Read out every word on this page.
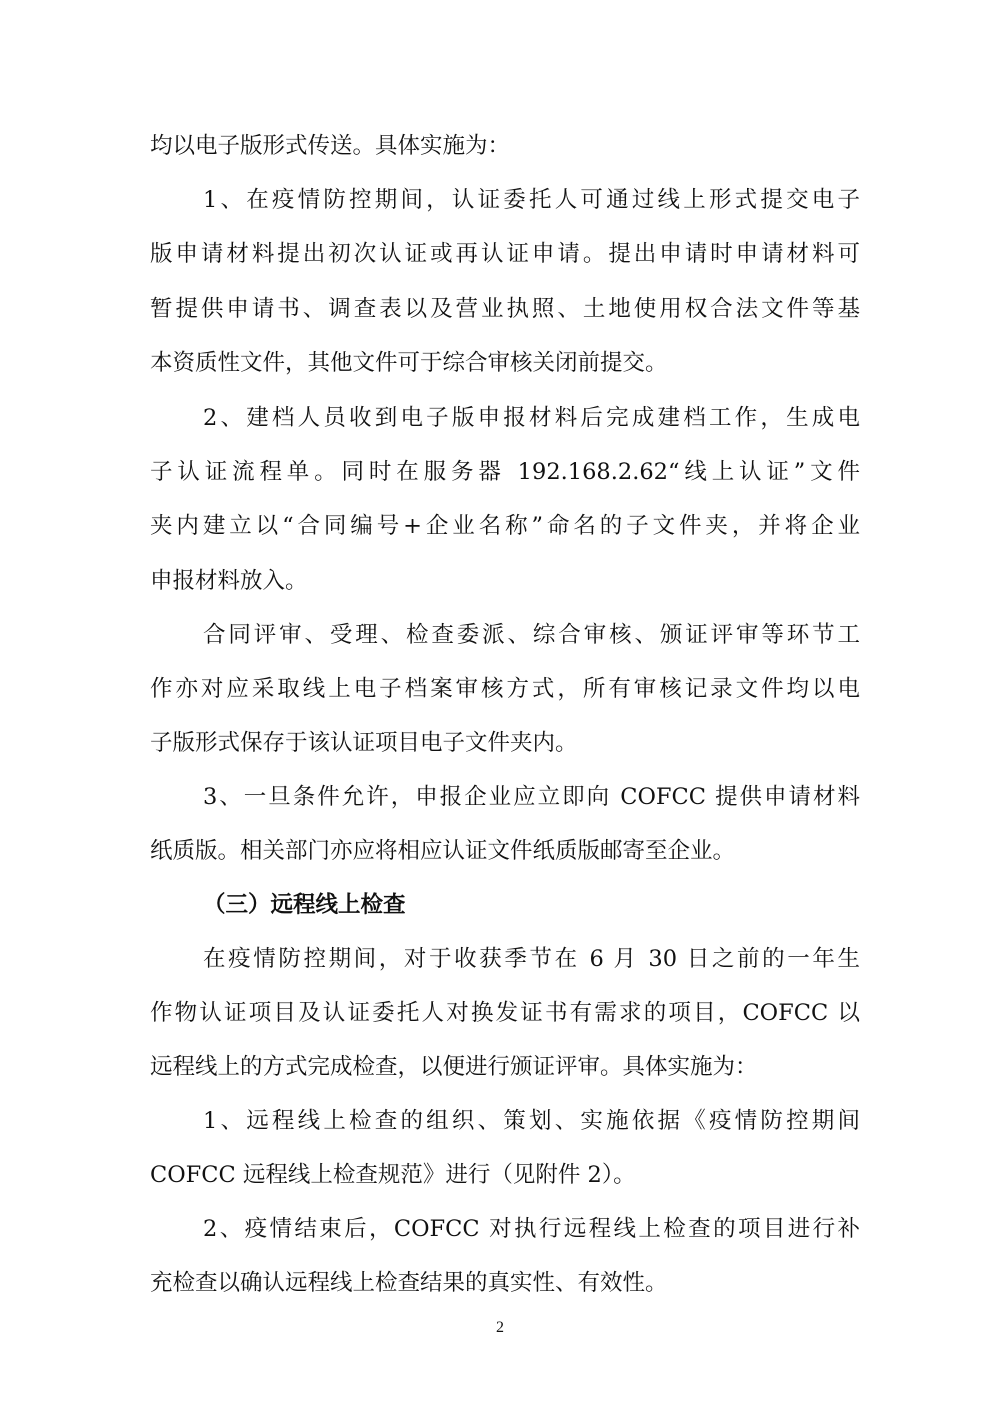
均以电子版形式传送。具体实施为：
1、在疫情防控期间，认证委托人可通过线上形式提交电子
版申请材料提出初次认证或再认证申请。提出申请时申请材料可
暂提供申请书、调查表以及营业执照、土地使用权合法文件等基
本资质性文件，其他文件可于综合审核关闭前提交。
2、建档人员收到电子版申报材料后完成建档工作，生成电
子认证流程单。同时在服务器 192.168.2.62“线上认证”文件
夹内建立以“合同编号+企业名称”命名的子文件夹，并将企业
申报材料放入。
合同评审、受理、检查委派、综合审核、颁证评审等环节工
作亦对应采取线上电子档案审核方式，所有审核记录文件均以电
子版形式保存于该认证项目电子文件夹内。
3、一旦条件允许，申报企业应立即向 COFCC 提供申请材料
纸质版。相关部门亦应将相应认证文件纸质版邮寄至企业。
（三）远程线上检查
在疫情防控期间，对于收获季节在 6 月 30 日之前的一年生
作物认证项目及认证委托人对换发证书有需求的项目，COFCC 以
远程线上的方式完成检查，以便进行颁证评审。具体实施为：
1、远程线上检查的组织、策划、实施依据《疫情防控期间
COFCC 远程线上检查规范》进行（见附件 2）。
2、疫情结束后，COFCC 对执行远程线上检查的项目进行补
充检查以确认远程线上检查结果的真实性、有效性。
2
